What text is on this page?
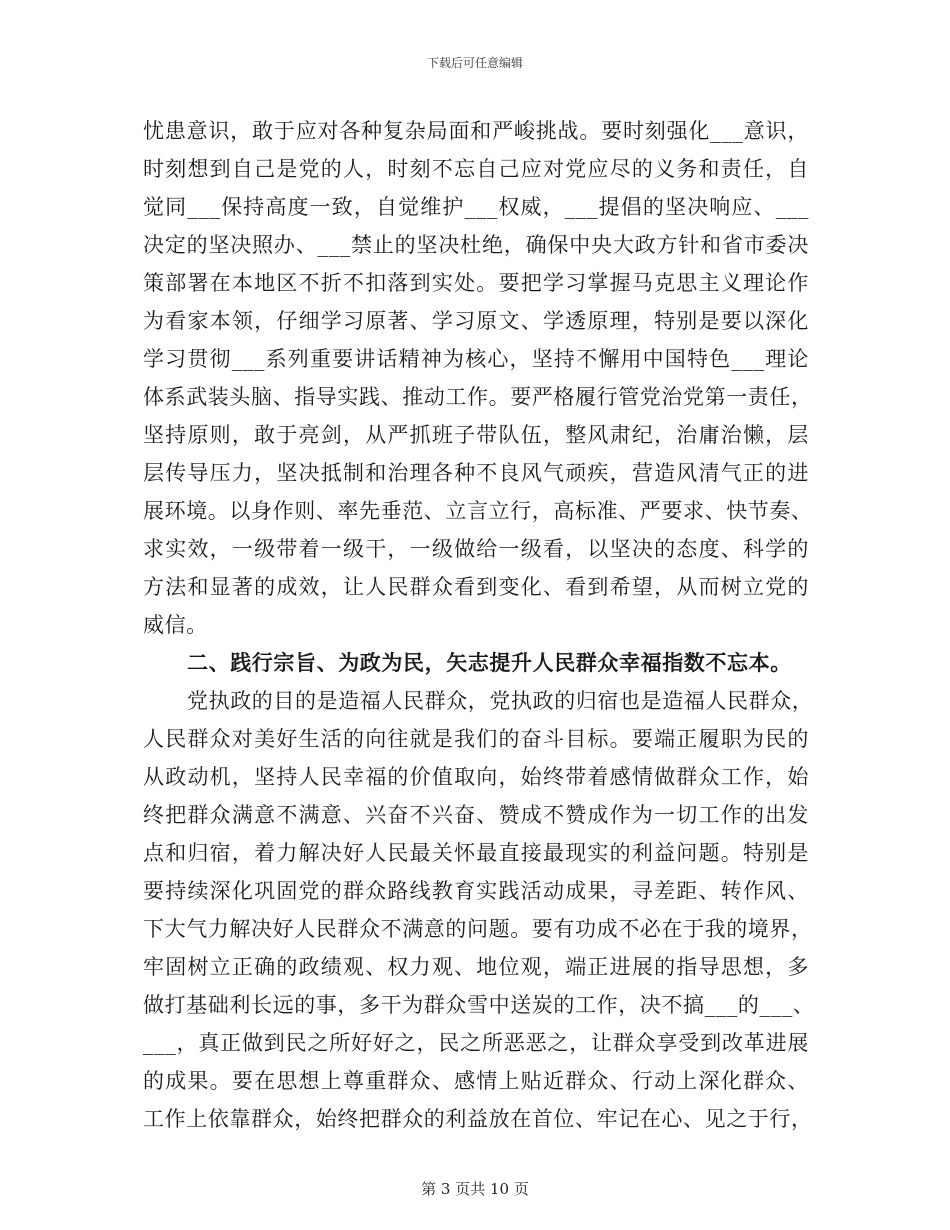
下载后可任意编辑
忧患意识，敢于应对各种复杂局面和严峻挑战。要时刻强化___意识，
时刻想到自己是党的人，时刻不忘自己应对党应尽的义务和责任，自
觉同___保持高度一致，自觉维护___权威，___提倡的坚决响应、___
决定的坚决照办、___禁止的坚决杜绝，确保中央大政方针和省市委决
策部署在本地区不折不扣落到实处。要把学习掌握马克思主义理论作
为看家本领，仔细学习原著、学习原文、学透原理，特别是要以深化
学习贯彻___系列重要讲话精神为核心，坚持不懈用中国特色___理论
体系武装头脑、指导实践、推动工作。要严格履行管党治党第一责任，
坚持原则，敢于亮剑，从严抓班子带队伍，整风肃纪，治庸治懒，层
层传导压力，坚决抵制和治理各种不良风气顽疾，营造风清气正的进
展环境。以身作则、率先垂范、立言立行，高标准、严要求、快节奏、
求实效，一级带着一级干，一级做给一级看，以坚决的态度、科学的
方法和显著的成效，让人民群众看到变化、看到希望，从而树立党的
威信。
二、践行宗旨、为政为民，矢志提升人民群众幸福指数不忘本。
党执政的目的是造福人民群众，党执政的归宿也是造福人民群众，
人民群众对美好生活的向往就是我们的奋斗目标。要端正履职为民的
从政动机，坚持人民幸福的价值取向，始终带着感情做群众工作，始
终把群众满意不满意、兴奋不兴奋、赞成不赞成作为一切工作的出发
点和归宿，着力解决好人民最关怀最直接最现实的利益问题。特别是
要持续深化巩固党的群众路线教育实践活动成果，寻差距、转作风、
下大气力解决好人民群众不满意的问题。要有功成不必在于我的境界，
牢固树立正确的政绩观、权力观、地位观，端正进展的指导思想，多
做打基础利长远的事，多干为群众雪中送炭的工作，决不搞___的___、
___，真正做到民之所好好之，民之所恶恶之，让群众享受到改革进展
的成果。要在思想上尊重群众、感情上贴近群众、行动上深化群众、
工作上依靠群众，始终把群众的利益放在首位、牢记在心、见之于行，
第 3 页共 10 页
